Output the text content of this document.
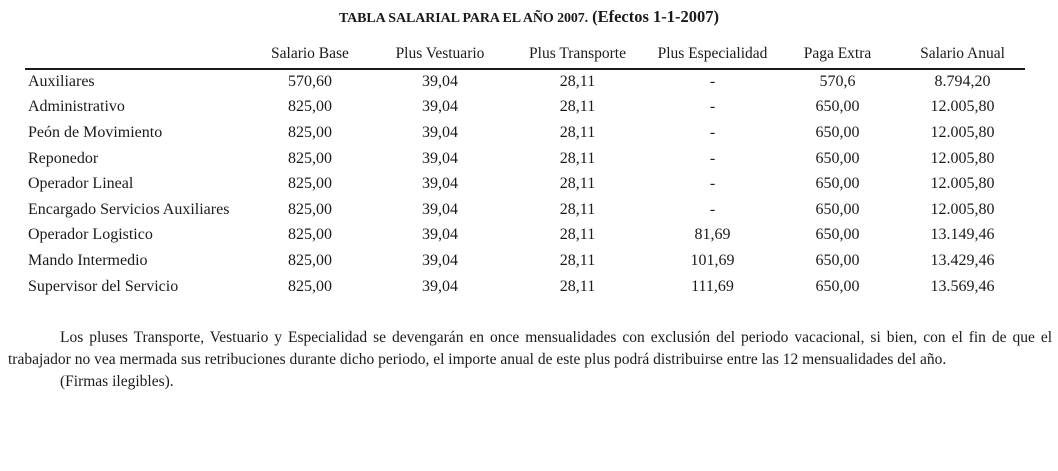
TABLA SALARIAL PARA EL AÑO 2007. (Efectos 1-1-2007)
	Salario Base	Plus Vestuario	Plus Transporte	Plus Especialidad	Paga Extra	Salario Anual
Auxiliares	570,60	39,04	28,11	-	570,6	8.794,20
Administrativo	825,00	39,04	28,11	-	650,00	12.005,80
Peón de Movimiento	825,00	39,04	28,11	-	650,00	12.005,80
Reponedor	825,00	39,04	28,11	-	650,00	12.005,80
Operador Lineal	825,00	39,04	28,11	-	650,00	12.005,80
Encargado Servicios Auxiliares	825,00	39,04	28,11	-	650,00	12.005,80
Operador Logistico	825,00	39,04	28,11	81,69	650,00	13.149,46
Mando Intermedio	825,00	39,04	28,11	101,69	650,00	13.429,46
Supervisor del Servicio	825,00	39,04	28,11	111,69	650,00	13.569,46

Los pluses Transporte, Vestuario y Especialidad se devengarán en once mensualidades con exclusión del periodo vacacional, si bien, con el fin de que el trabajador no vea mermada sus retribuciones durante dicho periodo, el importe anual de este plus podrá distribuirse entre las 12 mensualidades del año.

(Firmas ilegibles).
